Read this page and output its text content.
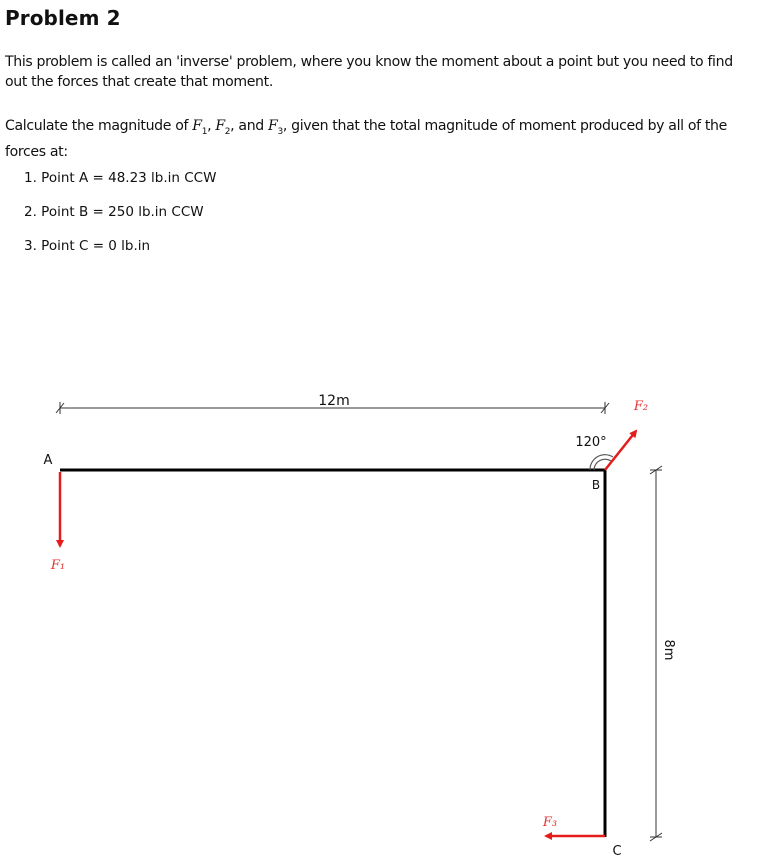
Problem 2
This problem is called an 'inverse' problem, where you know the moment about a point but you need to find out the forces that create that moment.
Calculate the magnitude of $F_1$, $F_2$, and $F_3$, given that the total magnitude of moment produced by all of the forces at:
1. Point A = 48.23 lb.in CCW
2. Point B = 250 lb.in CCW
3. Point C = 0 lb.in
12m
8m
A
B
C
120°
F₁
F₂
F₃
